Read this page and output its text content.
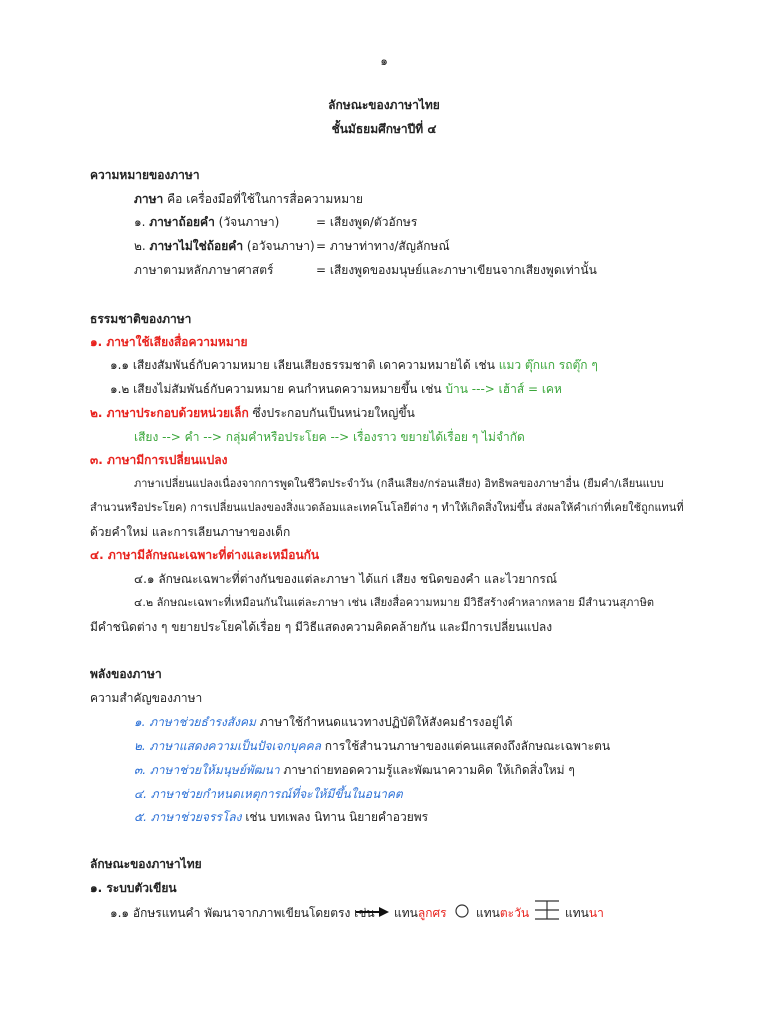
๑
ลักษณะของภาษาไทย
ชั้นมัธยมศึกษาปีที่ ๔
ความหมายของภาษา
ภาษา คือ เครื่องมือที่ใช้ในการสื่อความหมาย
๑. ภาษาถ้อยคำ (วัจนภาษา)	= เสียงพูด/ตัวอักษร
๒. ภาษาไม่ใช่ถ้อยคำ (อวัจนภาษา) = ภาษาท่าทาง/สัญลักษณ์
ภาษาตามหลักภาษาศาสตร์	= เสียงพูดของมนุษย์และภาษาเขียนจากเสียงพูดเท่านั้น
ธรรมชาติของภาษา
๑. ภาษาใช้เสียงสื่อความหมาย
๑.๑ เสียงสัมพันธ์กับความหมาย เลียนเสียงธรรมชาติ เดาความหมายได้ เช่น แมว ตุ๊กแก รถตุ๊ก ๆ
๑.๒ เสียงไม่สัมพันธ์กับความหมาย คนกำหนดความหมายขึ้น เช่น บ้าน ---> เฮ้าส์ = เคห
๒. ภาษาประกอบด้วยหน่วยเล็ก ซึ่งประกอบกันเป็นหน่วยใหญ่ขึ้น
เสียง --> คำ --> กลุ่มคำหรือประโยค --> เรื่องราว ขยายได้เรื่อย ๆ ไม่จำกัด
๓. ภาษามีการเปลี่ยนแปลง
ภาษาเปลี่ยนแปลงเนื่องจากการพูดในชีวิตประจำวัน (กลืนเสียง/กร่อนเสียง) อิทธิพลของภาษาอื่น (ยืมคำ/เลียนแบบ
สำนวนหรือประโยค) การเปลี่ยนแปลงของสิ่งแวดล้อมและเทคโนโลยีต่าง ๆ ทำให้เกิดสิ่งใหม่ขึ้น ส่งผลให้คำเก่าที่เคยใช้ถูกแทนที่
ด้วยคำใหม่ และการเลียนภาษาของเด็ก
๔. ภาษามีลักษณะเฉพาะที่ต่างและเหมือนกัน
๔.๑ ลักษณะเฉพาะที่ต่างกันของแต่ละภาษา ได้แก่ เสียง ชนิดของคำ และไวยากรณ์
๔.๒ ลักษณะเฉพาะที่เหมือนกันในแต่ละภาษา เช่น เสียงสื่อความหมาย มีวิธีสร้างคำหลากหลาย มีสำนวนสุภาษิต
มีคำชนิดต่าง ๆ ขยายประโยคได้เรื่อย ๆ มีวิธีแสดงความคิดคล้ายกัน และมีการเปลี่ยนแปลง
พลังของภาษา
ความสำคัญของภาษา
๑. ภาษาช่วยธำรงสังคม ภาษาใช้กำหนดแนวทางปฏิบัติให้สังคมธำรงอยู่ได้
๒. ภาษาแสดงความเป็นปัจเจกบุคคล การใช้สำนวนภาษาของแต่คนแสดงถึงลักษณะเฉพาะตน
๓. ภาษาช่วยให้มนุษย์พัฒนา ภาษาถ่ายทอดความรู้และพัฒนาความคิด ให้เกิดสิ่งใหม่ ๆ
๔. ภาษาช่วยกำหนดเหตุการณ์ที่จะให้มีขึ้นในอนาคต
๕. ภาษาช่วยจรรโลง เช่น บทเพลง นิทาน นิยายคำอวยพร
ลักษณะของภาษาไทย
๑. ระบบตัวเขียน
๑.๑ อักษรแทนคำ พัฒนาจากภาพเขียนโดยตรง เช่น แทนลูกศร แทนตะวัน	แทนนา
